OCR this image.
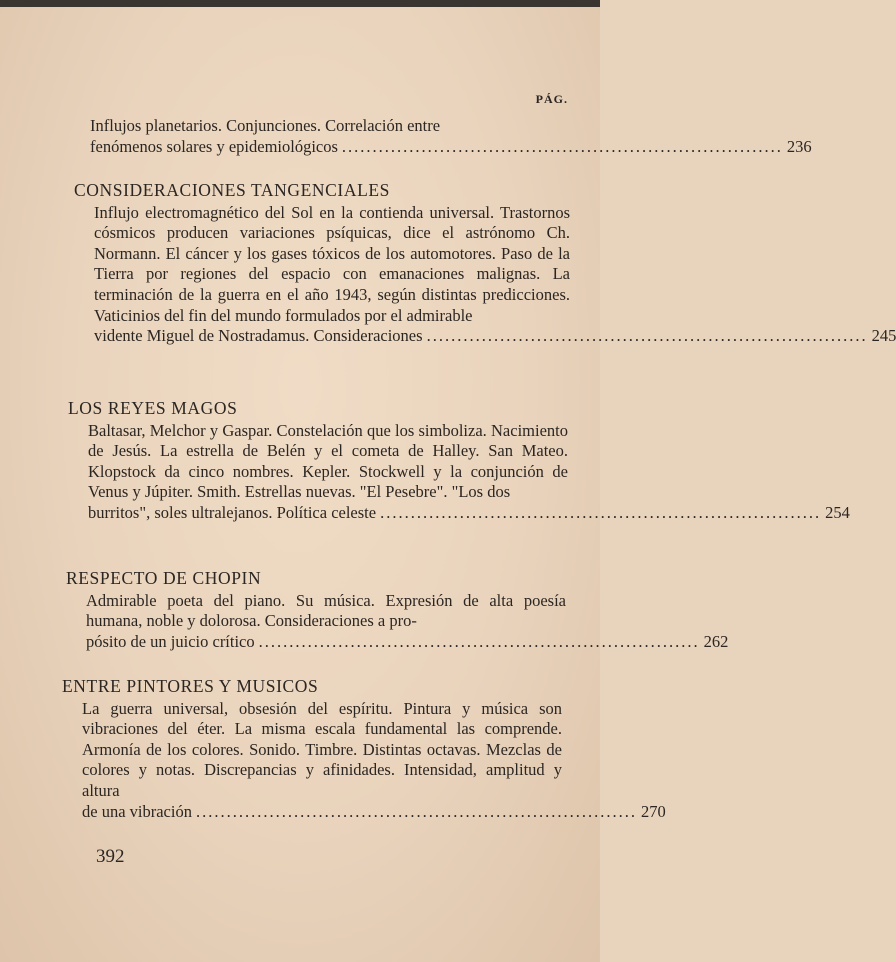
PÁG.

Influjos planetarios. Conjunciones. Correlación entre

fenómenos solares y epidemiológicos ........................................................................ 236
CONSIDERACIONES TANGENCIALES

Influjo electromagnético del Sol en la contienda universal. Trastornos cósmicos producen variaciones psíquicas, dice el astrónomo Ch. Normann. El cáncer y los gases tóxicos de los automotores. Paso de la Tierra por regiones del espacio con emanaciones malignas. La terminación de la guerra en el año 1943, según distintas predicciones. Vaticinios del fin del mundo formulados por el admirable

vidente Miguel de Nostradamus. Consideraciones ........................................................................ 245
LOS REYES MAGOS

Baltasar, Melchor y Gaspar. Constelación que los simboliza. Nacimiento de Jesús. La estrella de Belén y el cometa de Halley. San Mateo. Klopstock da cinco nombres. Kepler. Stockwell y la conjunción de Venus y Júpiter. Smith. Estrellas nuevas. "El Pesebre". "Los dos

burritos", soles ultralejanos. Política celeste ........................................................................ 254
RESPECTO DE CHOPIN

Admirable poeta del piano. Su música. Expresión de alta poesía humana, noble y dolorosa. Consideraciones a pro-

pósito de un juicio crítico ........................................................................ 262
ENTRE PINTORES Y MUSICOS

La guerra universal, obsesión del espíritu. Pintura y música son vibraciones del éter. La misma escala fundamental las comprende. Armonía de los colores. Sonido. Timbre. Distintas octavas. Mezclas de colores y notas. Discrepancias y afinidades. Intensidad, amplitud y altura

de una vibración ........................................................................ 270
392
